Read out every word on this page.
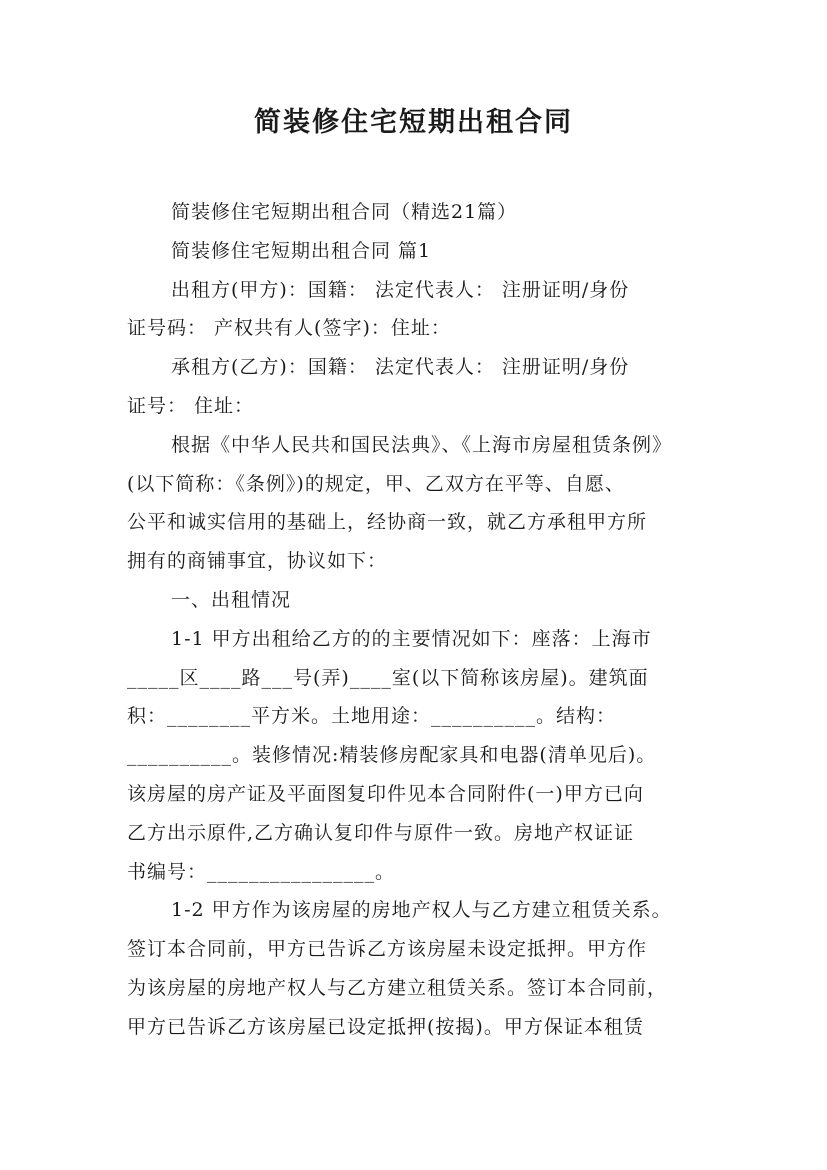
简装修住宅短期出租合同
简装修住宅短期出租合同（精选21篇）
简装修住宅短期出租合同 篇1
出租方(甲方)：国籍： 法定代表人： 注册证明/身份
证号码： 产权共有人(签字)：住址：
承租方(乙方)：国籍： 法定代表人： 注册证明/身份
证号： 住址：
根据《中华人民共和国民法典》、《上海市房屋租赁条例》
(以下简称：《条例》)的规定，甲、乙双方在平等、自愿、
公平和诚实信用的基础上，经协商一致，就乙方承租甲方所
拥有的商铺事宜，协议如下：
一、出租情况
1-1 甲方出租给乙方的的主要情况如下：座落：上海市
_____区____路___号(弄)____室(以下简称该房屋)。建筑面
积：________平方米。土地用途：__________。结构：
__________。装修情况:精装修房配家具和电器(清单见后)。
该房屋的房产证及平面图复印件见本合同附件(一)甲方已向
乙方出示原件,乙方确认复印件与原件一致。房地产权证证
书编号：________________。
1-2 甲方作为该房屋的房地产权人与乙方建立租赁关系。
签订本合同前，甲方已告诉乙方该房屋未设定抵押。甲方作
为该房屋的房地产权人与乙方建立租赁关系。签订本合同前，
甲方已告诉乙方该房屋已设定抵押(按揭)。甲方保证本租赁
